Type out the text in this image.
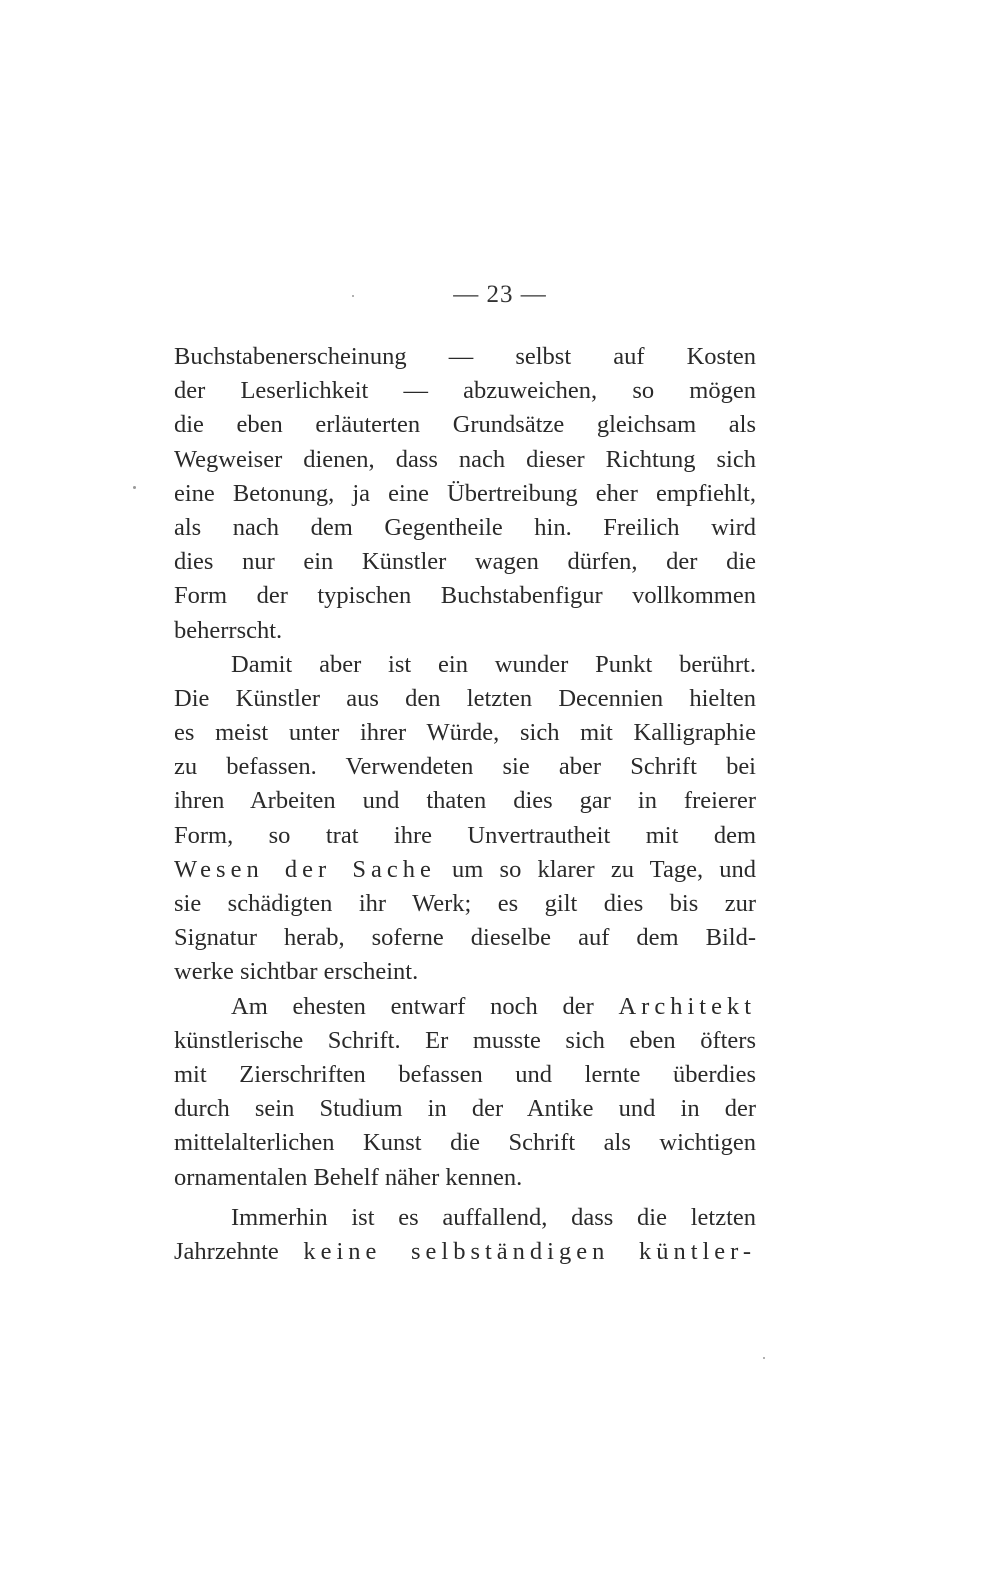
— 23 —
Buchstabenerscheinung — selbst auf Kosten
der Leserlichkeit — abzuweichen, so mögen
die eben erläuterten Grundsätze gleichsam als
Wegweiser dienen, dass nach dieser Richtung sich
eine Betonung, ja eine Übertreibung eher empfiehlt,
als nach dem Gegentheile hin. Freilich wird
dies nur ein Künstler wagen dürfen, der die
Form der typischen Buchstabenfigur vollkommen
beherrscht.
Damit aber ist ein wunder Punkt berührt.
Die Künstler aus den letzten Decennien hielten
es meist unter ihrer Würde, sich mit Kalligraphie
zu befassen. Verwendeten sie aber Schrift bei
ihren Arbeiten und thaten dies gar in freierer
Form, so trat ihre Unvertrautheit mit dem
Wesen der Sache um so klarer zu Tage, und
sie schädigten ihr Werk; es gilt dies bis zur
Signatur herab, soferne dieselbe auf dem Bild-
werke sichtbar erscheint.
Am ehesten entwarf noch der Architekt
künstlerische Schrift. Er musste sich eben öfters
mit Zierschriften befassen und lernte überdies
durch sein Studium in der Antike und in der
mittelalterlichen Kunst die Schrift als wichtigen
ornamentalen Behelf näher kennen.
Immerhin ist es auffallend, dass die letzten
Jahrzehnte keine selbständigen küntler-
